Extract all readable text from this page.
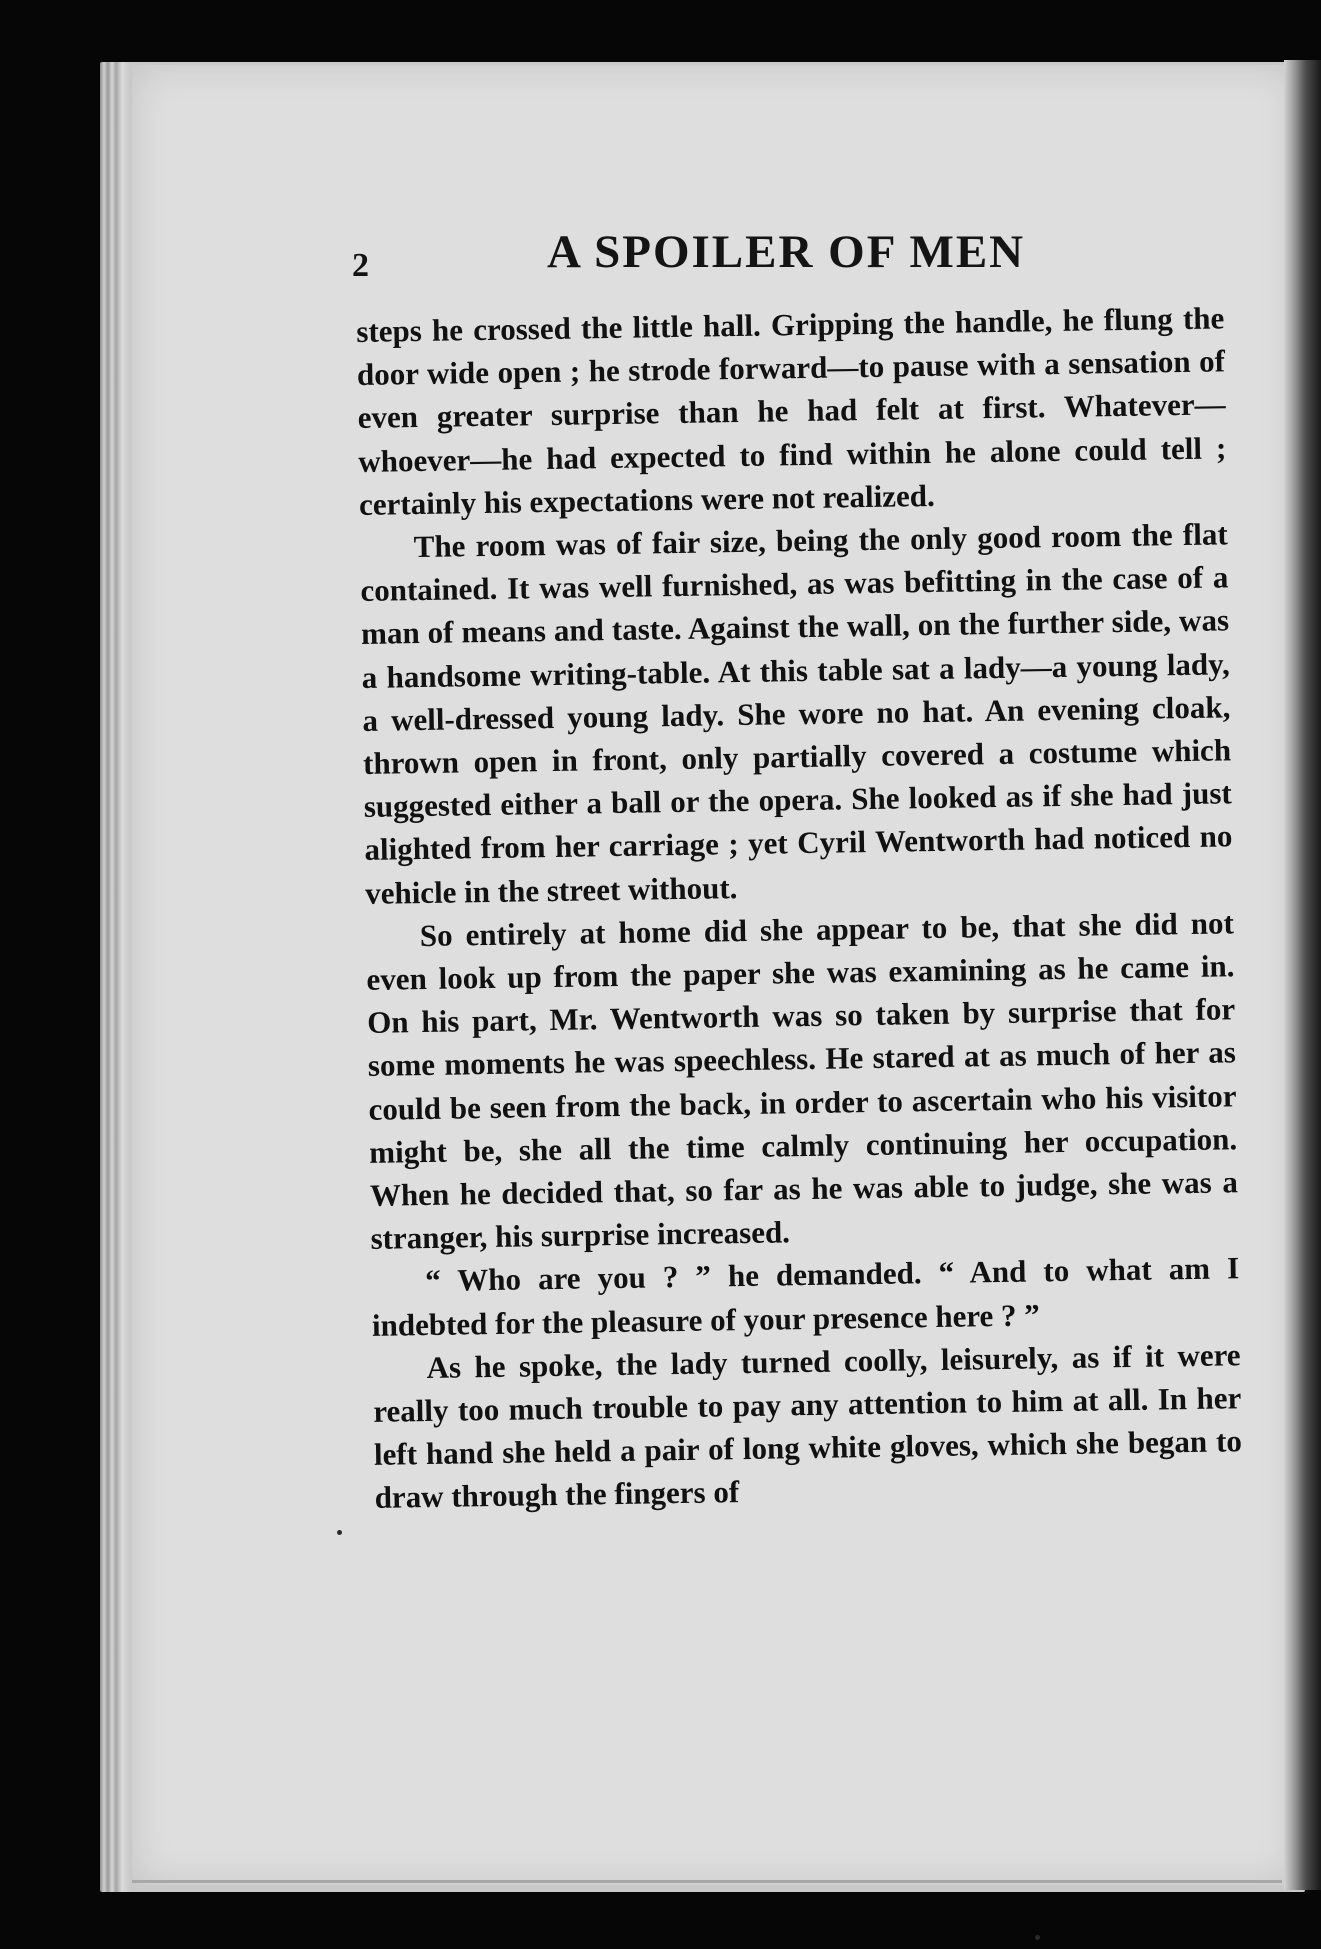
2	A SPOILER OF MEN

steps he crossed the little hall. Gripping the handle, he flung the door wide open ; he strode forward—to pause with a sensation of even greater surprise than he had felt at first. Whatever—whoever—he had expected to find within he alone could tell ; certainly his expectations were not realized.

The room was of fair size, being the only good room the flat contained. It was well furnished, as was befitting in the case of a man of means and taste. Against the wall, on the further side, was a handsome writing-table. At this table sat a lady—a young lady, a well-dressed young lady. She wore no hat. An evening cloak, thrown open in front, only partially covered a costume which suggested either a ball or the opera. She looked as if she had just alighted from her carriage ; yet Cyril Wentworth had noticed no vehicle in the street without.

So entirely at home did she appear to be, that she did not even look up from the paper she was examining as he came in. On his part, Mr. Wentworth was so taken by surprise that for some moments he was speechless. He stared at as much of her as could be seen from the back, in order to ascertain who his visitor might be, she all the time calmly continuing her occupation. When he decided that, so far as he was able to judge, she was a stranger, his surprise increased.

“ Who are you ? ” he demanded. “ And to what am I indebted for the pleasure of your presence here ? ”

As he spoke, the lady turned coolly, leisurely, as if it were really too much trouble to pay any attention to him at all. In her left hand she held a pair of long white gloves, which she began to draw through the fingers of
